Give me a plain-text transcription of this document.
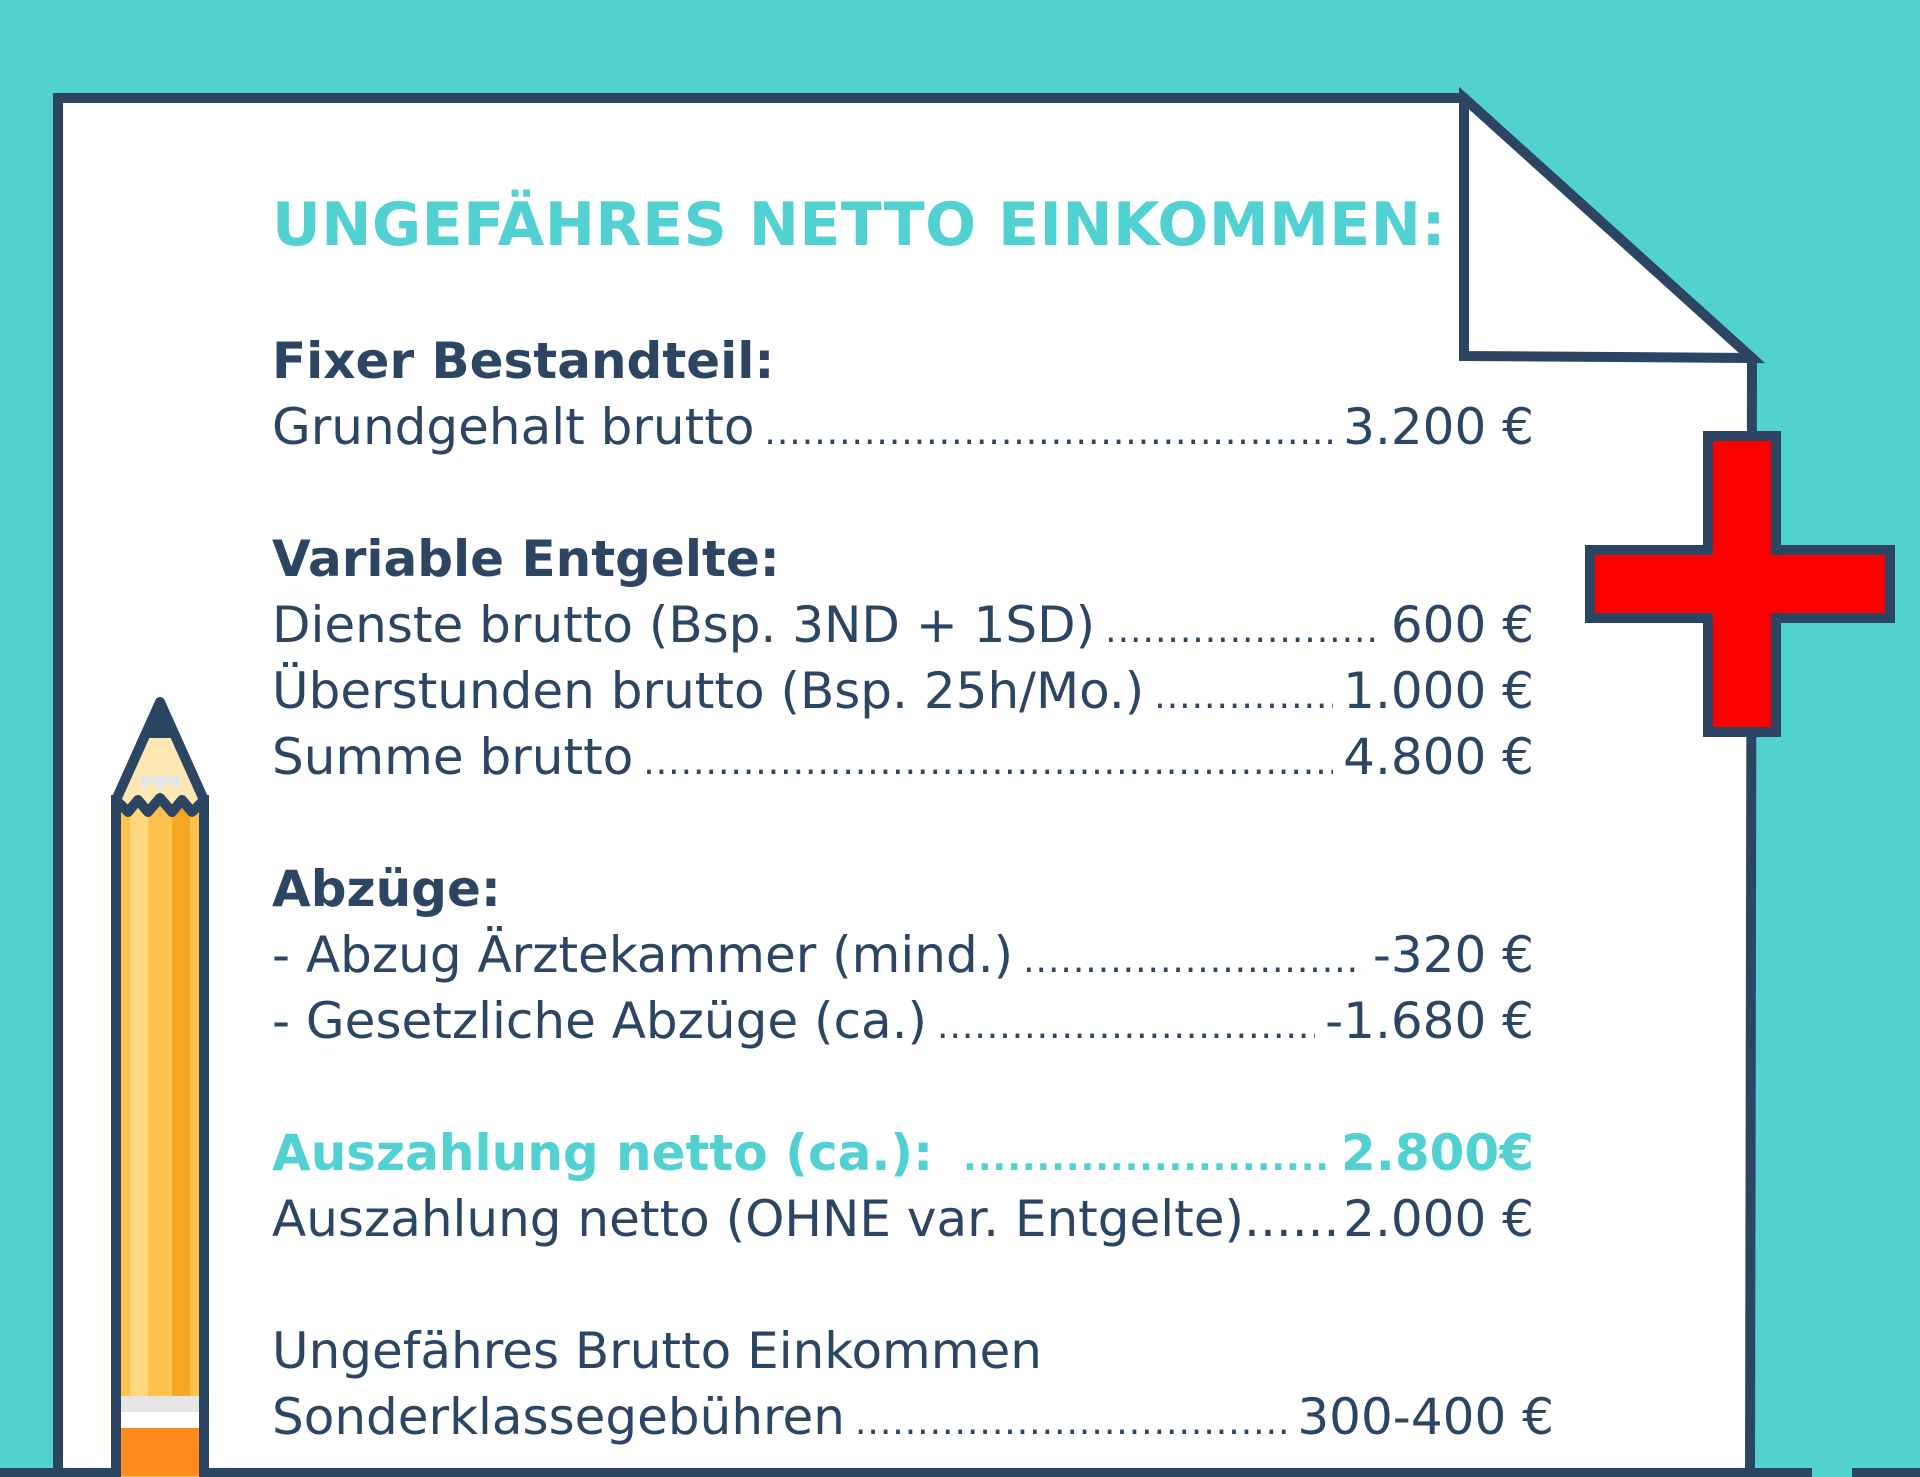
UNGEFÄHRES NETTO EINKOMMEN:
Fixer Bestandteil:
Grundgehalt brutto .....	3.200 €
Variable Entgelte:
Dienste brutto (Bsp. 3ND + 1SD) .....	600 €
Überstunden brutto (Bsp. 25h/Mo.) .....	1.000 €
Summe brutto .....	4.800 €
Abzüge:
- Abzug Ärztekammer (mind.) .....	-320 €
- Gesetzliche Abzüge (ca.) .....	-1.680 €
Auszahlung netto (ca.): .....	2.800€
Auszahlung netto (OHNE var. Entgelte)...... 2.000 €
Ungefähres Brutto Einkommen
Sonderklassegebühren .....	300-400 €
